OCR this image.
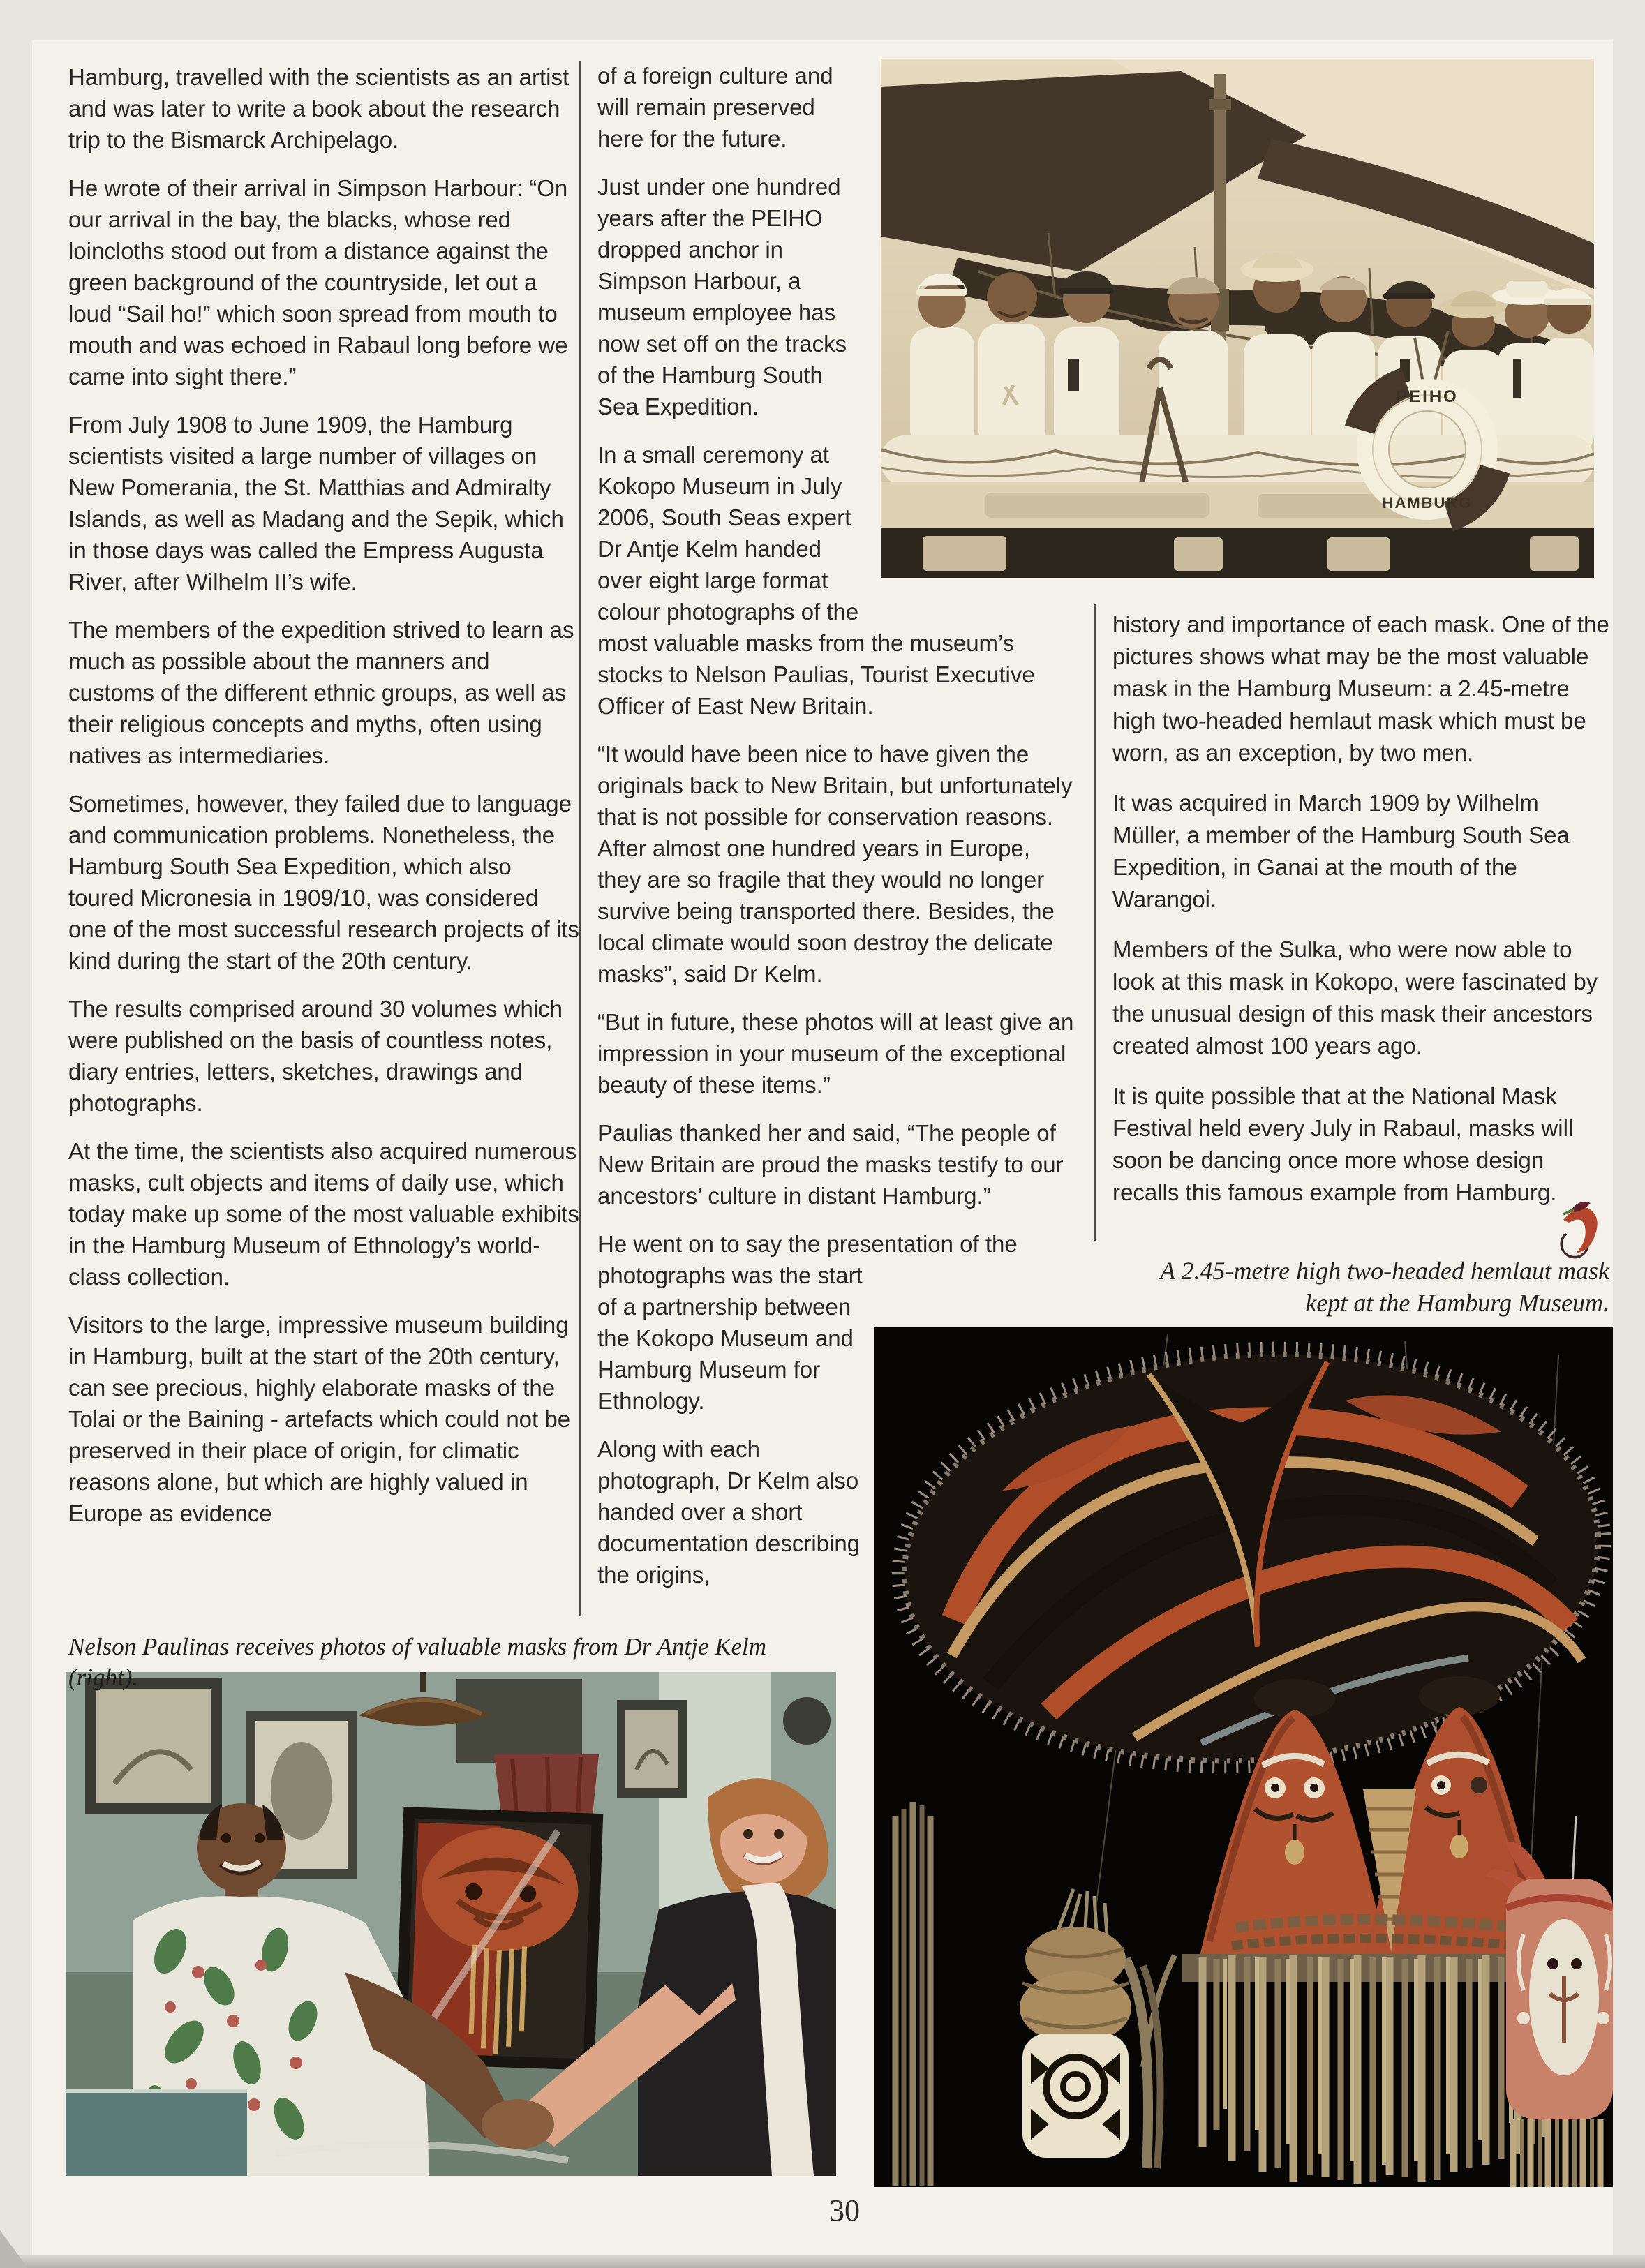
Hamburg, travelled with the scientists as an artist and was later to write a book about the research trip to the Bismarck Archipelago.

He wrote of their arrival in Simpson Harbour: “On our arrival in the bay, the blacks, whose red loincloths stood out from a distance against the green background of the countryside, let out a loud “Sail ho!” which soon spread from mouth to mouth and was echoed in Rabaul long before we came into sight there.”

From July 1908 to June 1909, the Hamburg scientists visited a large number of villages on New Pomerania, the St. Matthias and Admiralty Islands, as well as Madang and the Sepik, which in those days was called the Empress Augusta River, after Wilhelm II’s wife.

The members of the expedition strived to learn as much as possible about the manners and customs of the different ethnic groups, as well as their religious concepts and myths, often using natives as intermediaries.

Sometimes, however, they failed due to language and communication problems. Nonetheless, the Hamburg South Sea Expedition, which also toured Micronesia in 1909/10, was considered one of the most successful research projects of its kind during the start of the 20th century.

The results comprised around 30 volumes which were published on the basis of countless notes, diary entries, letters, sketches, drawings and photographs.

At the time, the scientists also acquired numerous masks, cult objects and items of daily use, which today make up some of the most valuable exhibits in the Hamburg Museum of Ethnology’s world-class collection.

Visitors to the large, impressive museum building in Hamburg, built at the start of the 20th century, can see precious, highly elaborate masks of the Tolai or the Baining - artefacts which could not be preserved in their place of origin, for climatic reasons alone, but which are highly valued in Europe as evidence

of a foreign culture and will remain preserved here for the future.

Just under one hundred years after the PEIHO dropped anchor in Simpson Harbour, a museum employee has now set off on the tracks of the Hamburg South Sea Expedition.

In a small ceremony at Kokopo Museum in July 2006, South Seas expert Dr Antje Kelm handed over eight large format colour photographs of the most valuable masks from the museum’s stocks to Nelson Paulias, Tourist Executive Officer of East New Britain.

“It would have been nice to have given the originals back to New Britain, but unfortunately that is not possible for conservation reasons. After almost one hundred years in Europe, they are so fragile that they would no longer survive being transported there. Besides, the local climate would soon destroy the delicate masks”, said Dr Kelm.

“But in future, these photos will at least give an impression in your museum of the exceptional beauty of these items.”

Paulias thanked her and said, “The people of New Britain are proud the masks testify to our ancestors’ culture in distant Hamburg.”

He went on to say the presentation of the
photographs was the start of a partnership between the Kokopo Museum and Hamburg Museum for Ethnology.

Along with each photograph, Dr Kelm also handed over a short documentation describing the origins,

history and importance of each mask. One of the pictures shows what may be the most valuable mask in the Hamburg Museum: a 2.45-metre high two-headed hemlaut mask which must be worn, as an exception, by two men.

It was acquired in March 1909 by Wilhelm Müller, a member of the Hamburg South Sea Expedition, in Ganai at the mouth of the Warangoi.

Members of the Sulka, who were now able to look at this mask in Kokopo, were fascinated by the unusual design of this mask their ancestors created almost 100 years ago.

It is quite possible that at the National Mask Festival held every July in Rabaul, masks will soon be dancing once more whose design recalls this famous example from Hamburg.

PEIHO
HAMBURG
Nelson Paulinas receives photos of valuable masks from Dr Antje Kelm (right).
A 2.45-metre high two-headed hemlaut mask kept at the Hamburg Museum.
30
